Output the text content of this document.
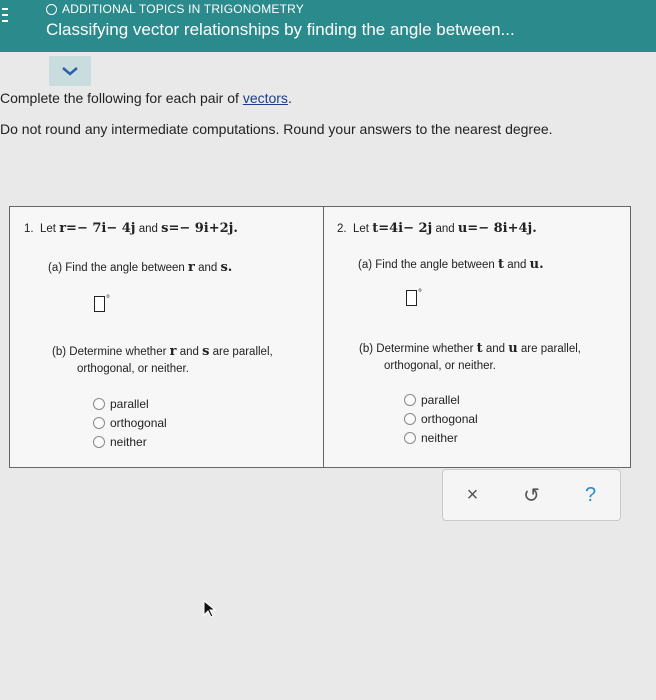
ADDITIONAL TOPICS IN TRIGONOMETRY
Classifying vector relationships by finding the angle between...
Complete the following for each pair of vectors.
Do not round any intermediate computations. Round your answers to the nearest degree.
1. Let r=− 7i− 4j and s=− 9i+2j.
(a) Find the angle between r and s.
°
(b) Determine whether r and s are parallel,
orthogonal, or neither.
parallel
orthogonal
neither
2. Let t=4i− 2j and u=− 8i+4j.
(a) Find the angle between t and u.
°
(b) Determine whether t and u are parallel,
orthogonal, or neither.
parallel
orthogonal
neither
× ↺ ?
